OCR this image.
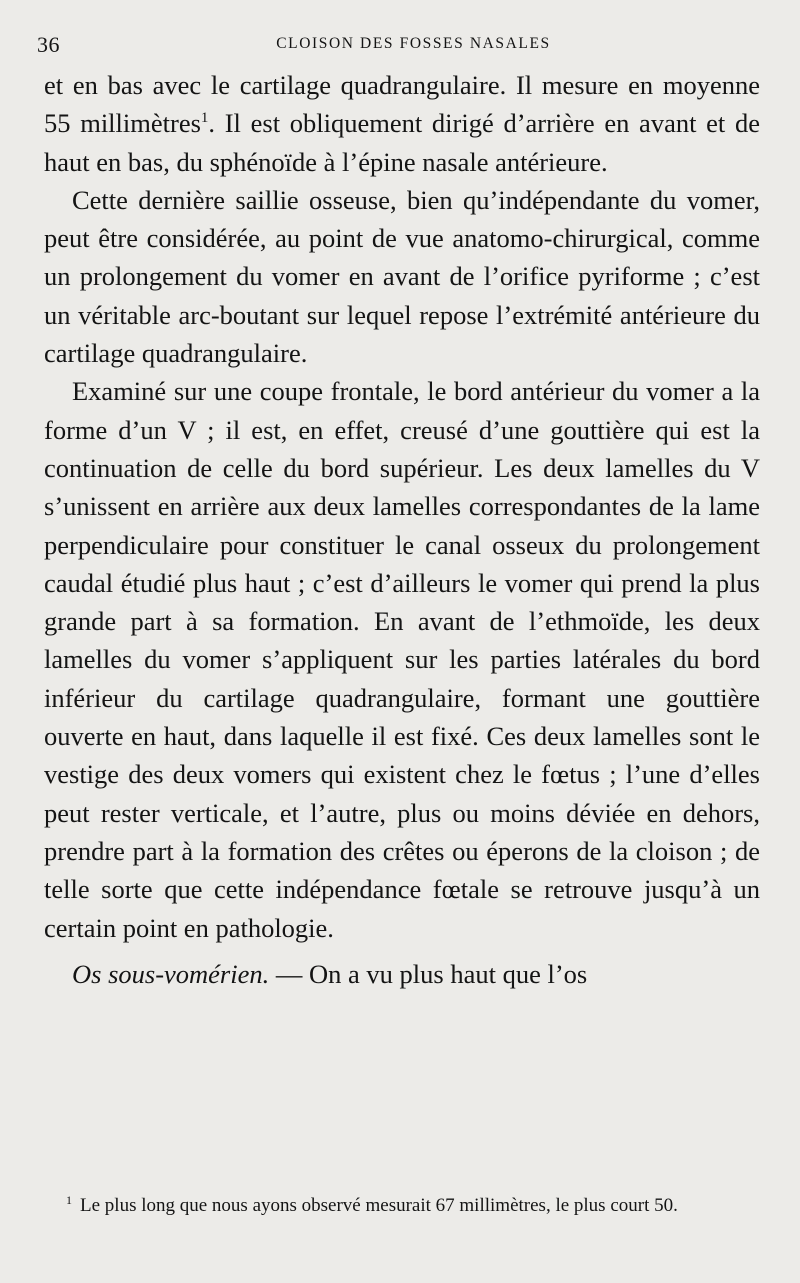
36	CLOISON DES FOSSES NASALES

et en bas avec le cartilage quadrangulaire. Il mesure en moyenne 55 millimètres$^1$. Il est obliquement dirigé d’arrière en avant et de haut en bas, du sphénoïde à l’épine nasale antérieure.

Cette dernière saillie osseuse, bien qu’indépendante du vomer, peut être considérée, au point de vue anatomo-chirurgical, comme un prolongement du vomer en avant de l’orifice pyriforme ; c’est un véritable arc-boutant sur lequel repose l’extrémité antérieure du cartilage quadrangulaire.

Examiné sur une coupe frontale, le bord antérieur du vomer a la forme d’un V ; il est, en effet, creusé d’une gouttière qui est la continuation de celle du bord supérieur. Les deux lamelles du V s’unissent en arrière aux deux lamelles correspondantes de la lame perpendiculaire pour constituer le canal osseux du prolongement caudal étudié plus haut ; c’est d’ailleurs le vomer qui prend la plus grande part à sa formation. En avant de l’ethmoïde, les deux lamelles du vomer s’appliquent sur les parties latérales du bord inférieur du cartilage quadrangulaire, formant une gouttière ouverte en haut, dans laquelle il est fixé. Ces deux lamelles sont le vestige des deux vomers qui existent chez le fœtus ; l’une d’elles peut rester verticale, et l’autre, plus ou moins déviée en dehors, prendre part à la formation des crêtes ou éperons de la cloison ; de telle sorte que cette indépendance fœtale se retrouve jusqu’à un certain point en pathologie.

Os sous-vomérien. — On a vu plus haut que l’os

$^1$ Le plus long que nous ayons observé mesurait 67 millimètres, le plus court 50.
